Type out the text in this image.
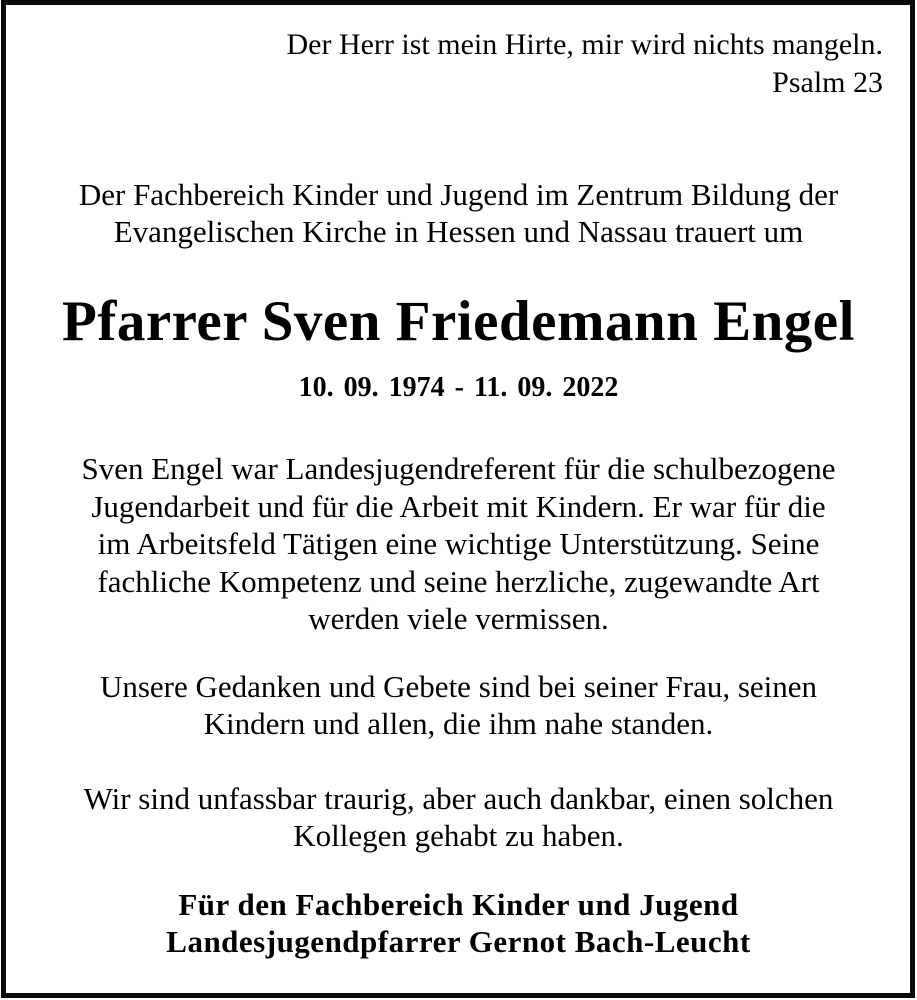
Der Herr ist mein Hirte, mir wird nichts mangeln.
Psalm 23
Der Fachbereich Kinder und Jugend im Zentrum Bildung der
Evangelischen Kirche in Hessen und Nassau trauert um
Pfarrer Sven Friedemann Engel
10. 09. 1974 - 11. 09. 2022
Sven Engel war Landesjugendreferent für die schulbezogene
Jugendarbeit und für die Arbeit mit Kindern. Er war für die
im Arbeitsfeld Tätigen eine wichtige Unterstützung. Seine
fachliche Kompetenz und seine herzliche, zugewandte Art
werden viele vermissen.
Unsere Gedanken und Gebete sind bei seiner Frau, seinen
Kindern und allen, die ihm nahe standen.
Wir sind unfassbar traurig, aber auch dankbar, einen solchen
Kollegen gehabt zu haben.
Für den Fachbereich Kinder und Jugend
Landesjugendpfarrer Gernot Bach-Leucht
